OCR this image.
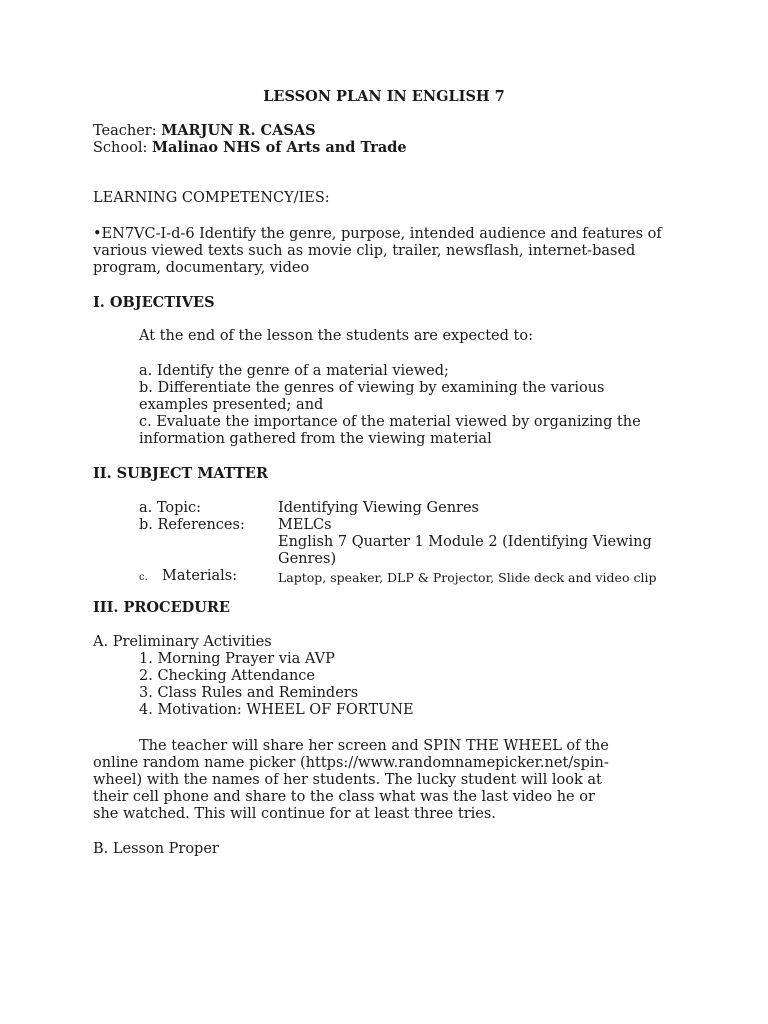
LESSON PLAN IN ENGLISH 7
Teacher: MARJUN R. CASAS
School: Malinao NHS of Arts and Trade
LEARNING COMPETENCY/IES:
•EN7VC-I-d-6 Identify the genre, purpose, intended audience and features of
various viewed texts such as movie clip, trailer, newsflash, internet-based
program, documentary, video
I. OBJECTIVES
At the end of the lesson the students are expected to:
a. Identify the genre of a material viewed;
b. Differentiate the genres of viewing by examining the various
examples presented; and
c. Evaluate the importance of the material viewed by organizing the
information gathered from the viewing material
II. SUBJECT MATTER
a. Topic:	Identifying Viewing Genres
b. References: MELCs
English 7 Quarter 1 Module 2 (Identifying Viewing
Genres)
c. Materials:	Laptop, speaker, DLP & Projector, Slide deck and video clip
III. PROCEDURE
A. Preliminary Activities
1. Morning Prayer via AVP
2. Checking Attendance
3. Class Rules and Reminders
4. Motivation: WHEEL OF FORTUNE
The teacher will share her screen and SPIN THE WHEEL of the
online random name picker (https://www.randomnamepicker.net/spin-
wheel) with the names of her students. The lucky student will look at
their cell phone and share to the class what was the last video he or
she watched. This will continue for at least three tries.
B. Lesson Proper
